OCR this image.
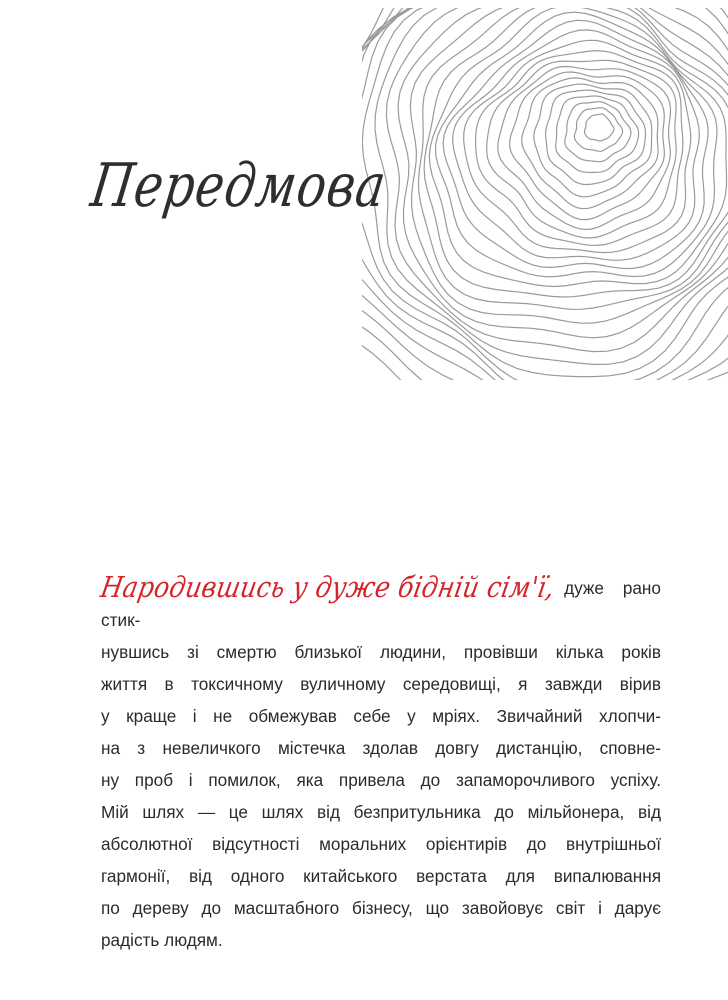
Передмова
Народившись у дуже бідній сім'ї, дуже рано стик-
нувшись зі смертю близької людини, провівши кілька років
життя в токсичному вуличному середовищі, я завжди вірив
у краще і не обмежував себе у мріях. Звичайний хлопчи-
на з невеличкого містечка здолав довгу дистанцію, сповне-
ну проб і помилок, яка привела до запаморочливого успіху.
Мій шлях — це шлях від безпритульника до мільйонера, від
абсолютної відсутності моральних орієнтирів до внутрішньої
гармонії, від одного китайського верстата для випалювання
по дереву до масштабного бізнесу, що завойовує світ і дарує
радість людям.
